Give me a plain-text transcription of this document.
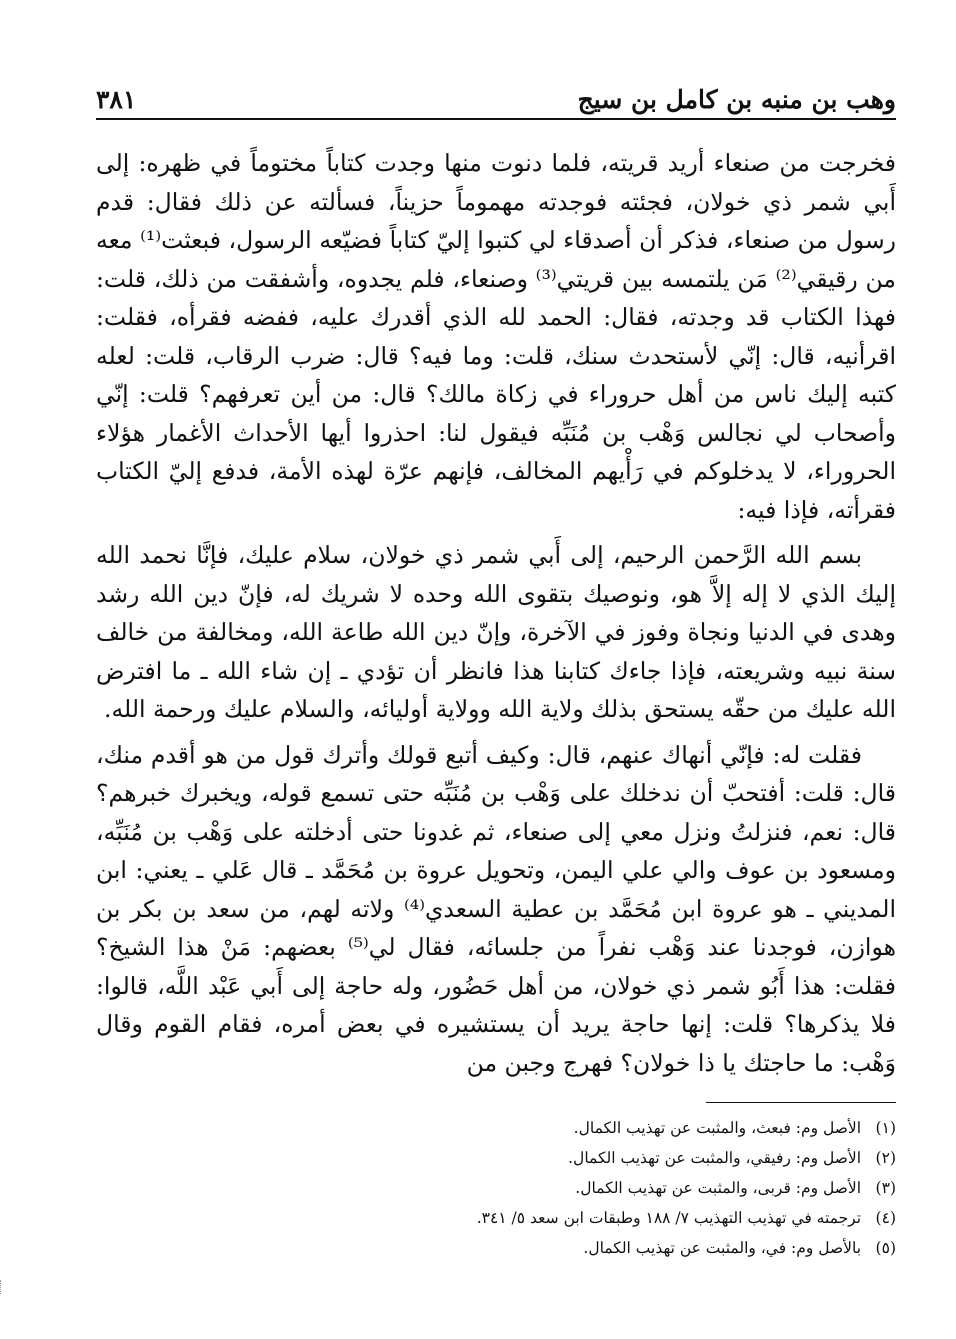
وهب بن منبه بن كامل بن سيج
٣٨١

فخرجت من صنعاء أريد قريته، فلما دنوت منها وجدت كتاباً مختوماً في ظهره: إلى أَبي شمر ذي خولان، فجئته فوجدته مهموماً حزيناً، فسألته عن ذلك فقال: قدم رسول من صنعاء، فذكر أن أصدقاء لي كتبوا إليّ كتاباً فضيّعه الرسول، فبعثت⁽¹⁾ معه من رقيقي⁽²⁾ مَن يلتمسه بين قريتي⁽³⁾ وصنعاء، فلم يجدوه، وأشفقت من ذلك، قلت: فهذا الكتاب قد وجدته، فقال: الحمد لله الذي أقدرك عليه، ففضه فقرأه، فقلت: اقرأنيه، قال: إنّي لأستحدث سنك، قلت: وما فيه؟ قال: ضرب الرقاب، قلت: لعله كتبه إليك ناس من أهل حروراء في زكاة مالك؟ قال: من أين تعرفهم؟ قلت: إنّي وأصحاب لي نجالس وَهْب بن مُنَبِّه فيقول لنا: احذروا أيها الأحداث الأغمار هؤلاء الحروراء، لا يدخلوكم في رَأْيهم المخالف، فإنهم عرّة لهذه الأمة، فدفع إليّ الكتاب فقرأته، فإذا فيه:

بسم الله الرَّحمن الرحيم، إلى أَبي شمر ذي خولان، سلام عليك، فإنَّا نحمد الله إليك الذي لا إله إلاَّ هو، ونوصيك بتقوى الله وحده لا شريك له، فإنّ دين الله رشد وهدى في الدنيا ونجاة وفوز في الآخرة، وإنّ دين الله طاعة الله، ومخالفة من خالف سنة نبيه وشريعته، فإذا جاءك كتابنا هذا فانظر أن تؤدي ـ إن شاء الله ـ ما افترض الله عليك من حقّه يستحق بذلك ولاية الله وولاية أوليائه، والسلام عليك ورحمة الله.

فقلت له: فإنّي أنهاك عنهم، قال: وكيف أتبع قولك وأترك قول من هو أقدم منك، قال: قلت: أفتحبّ أن ندخلك على وَهْب بن مُنَبِّه حتى تسمع قوله، ويخبرك خبرهم؟ قال: نعم، فنزلتُ ونزل معي إلى صنعاء، ثم غدونا حتى أدخلته على وَهْب بن مُنَبِّه، ومسعود بن عوف والي علي اليمن، وتحويل عروة بن مُحَمَّد ـ قال عَلي ـ يعني: ابن المديني ـ هو عروة ابن مُحَمَّد بن عطية السعدي⁽⁴⁾ ولاته لهم، من سعد بن بكر بن هوازن، فوجدنا عند وَهْب نفراً من جلسائه، فقال لي⁽⁵⁾ بعضهم: مَنْ هذا الشيخ؟ فقلت: هذا أَبُو شمر ذي خولان، من أهل حَضُور، وله حاجة إلى أَبي عَبْد اللَّه، قالوا: فلا يذكرها؟ قلت: إنها حاجة يريد أن يستشيره في بعض أمره، فقام القوم وقال وَهْب: ما حاجتك يا ذا خولان؟ فهرج وجبن من

(١) الأصل وم: فبعث، والمثبت عن تهذيب الكمال.

(٢) الأصل وم: رفيقي، والمثبت عن تهذيب الكمال.

(٣) الأصل وم: قربى، والمثبت عن تهذيب الكمال.

(٤) ترجمته في تهذيب التهذيب ٧/ ١٨٨ وطبقات ابن سعد ٥/ ٣٤١.

(٥) بالأصل وم: في، والمثبت عن تهذيب الكمال.
